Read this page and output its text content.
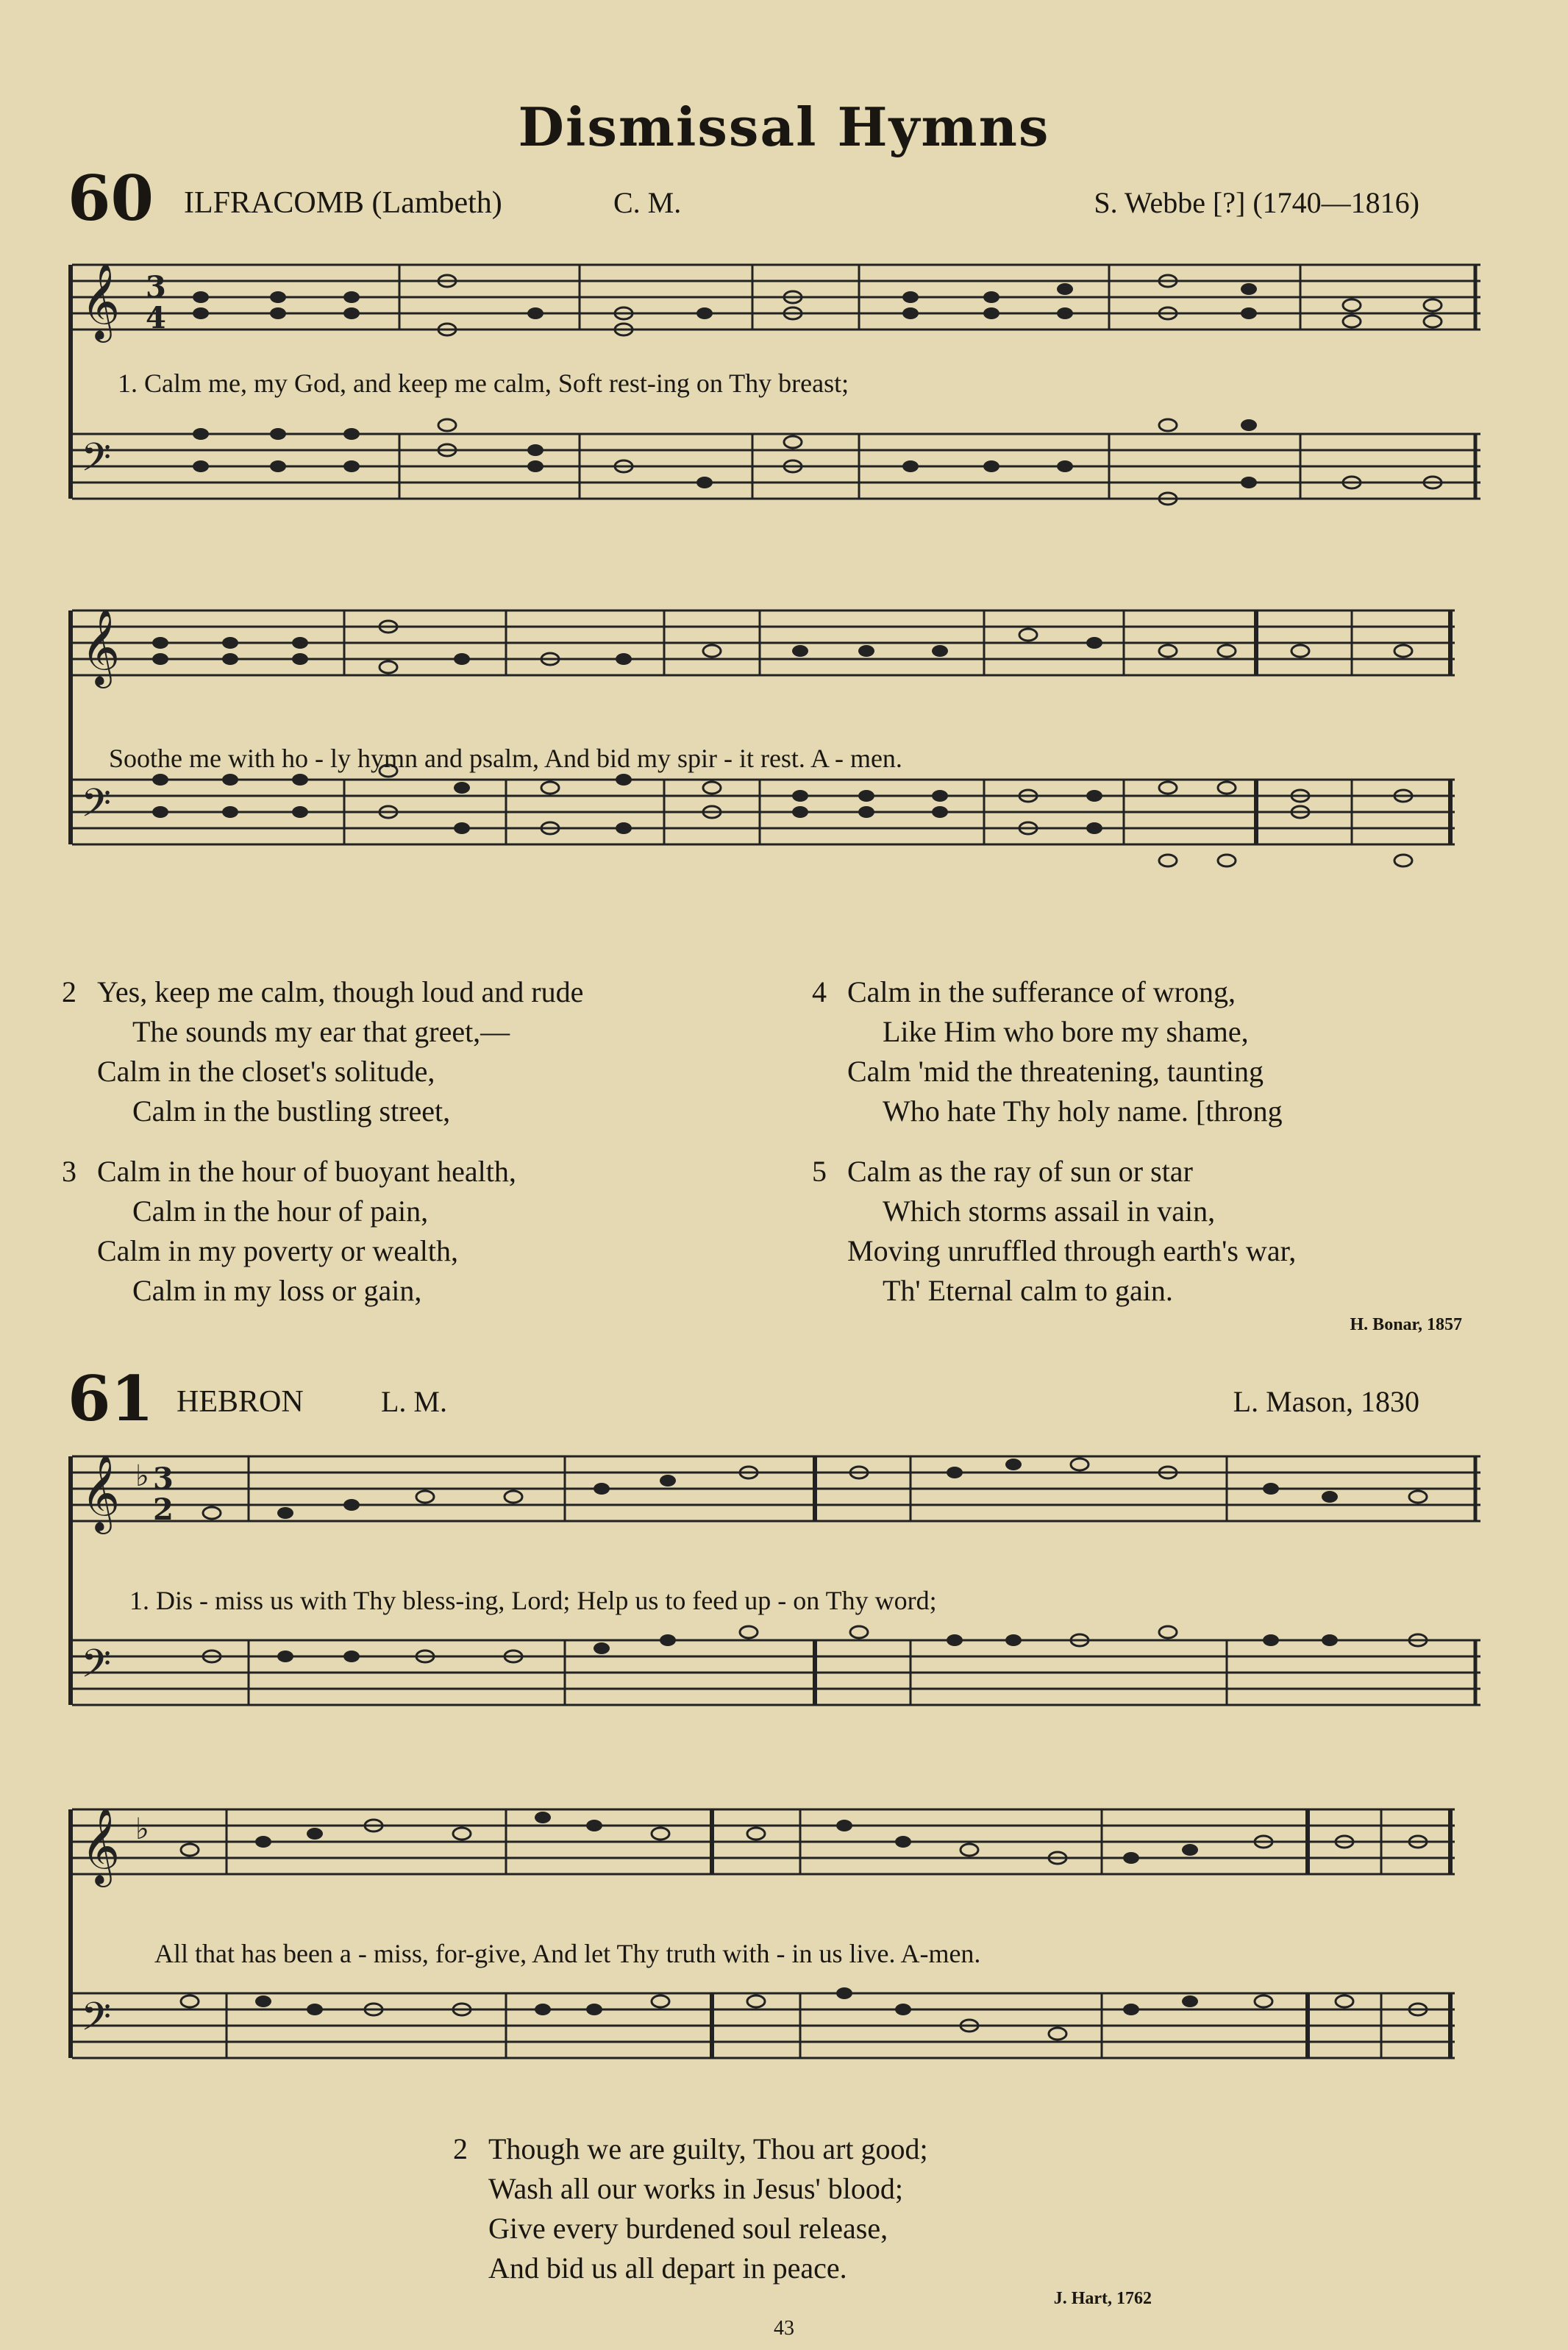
Dismissal Hymns
60 ILFRACOMB (Lambeth)	C. M.	S. Webbe [?] (1740—1816)
𝄞
𝄢
3
4
1. Calm me, my God, and keep me calm, Soft rest-ing on Thy breast;
𝄞
𝄢
Soothe me with ho - ly hymn and psalm, And bid my spir - it rest. A - men.
2 Yes, keep me calm, though loud and rude
The sounds my ear that greet,—
Calm in the closet's solitude,
Calm in the bustling street,
3 Calm in the hour of buoyant health,
Calm in the hour of pain,
Calm in my poverty or wealth,
Calm in my loss or gain,
4 Calm in the sufferance of wrong,
Like Him who bore my shame,
Calm 'mid the threatening, taunting
Who hate Thy holy name. [throng
5 Calm as the ray of sun or star
Which storms assail in vain,
Moving unruffled through earth's war,
Th' Eternal calm to gain.
H. Bonar, 1857
61 HEBRON	L. M.	L. Mason, 1830
𝄞
𝄢
♭ 3
2
1. Dis - miss us with Thy bless-ing, Lord; Help us to feed up - on Thy word;
𝄞
𝄢
♭
All that has been a - miss, for-give, And let Thy truth with - in us live. A-men.
2 Though we are guilty, Thou art good;
Wash all our works in Jesus' blood;
Give every burdened soul release,
And bid us all depart in peace.
J. Hart, 1762
43
